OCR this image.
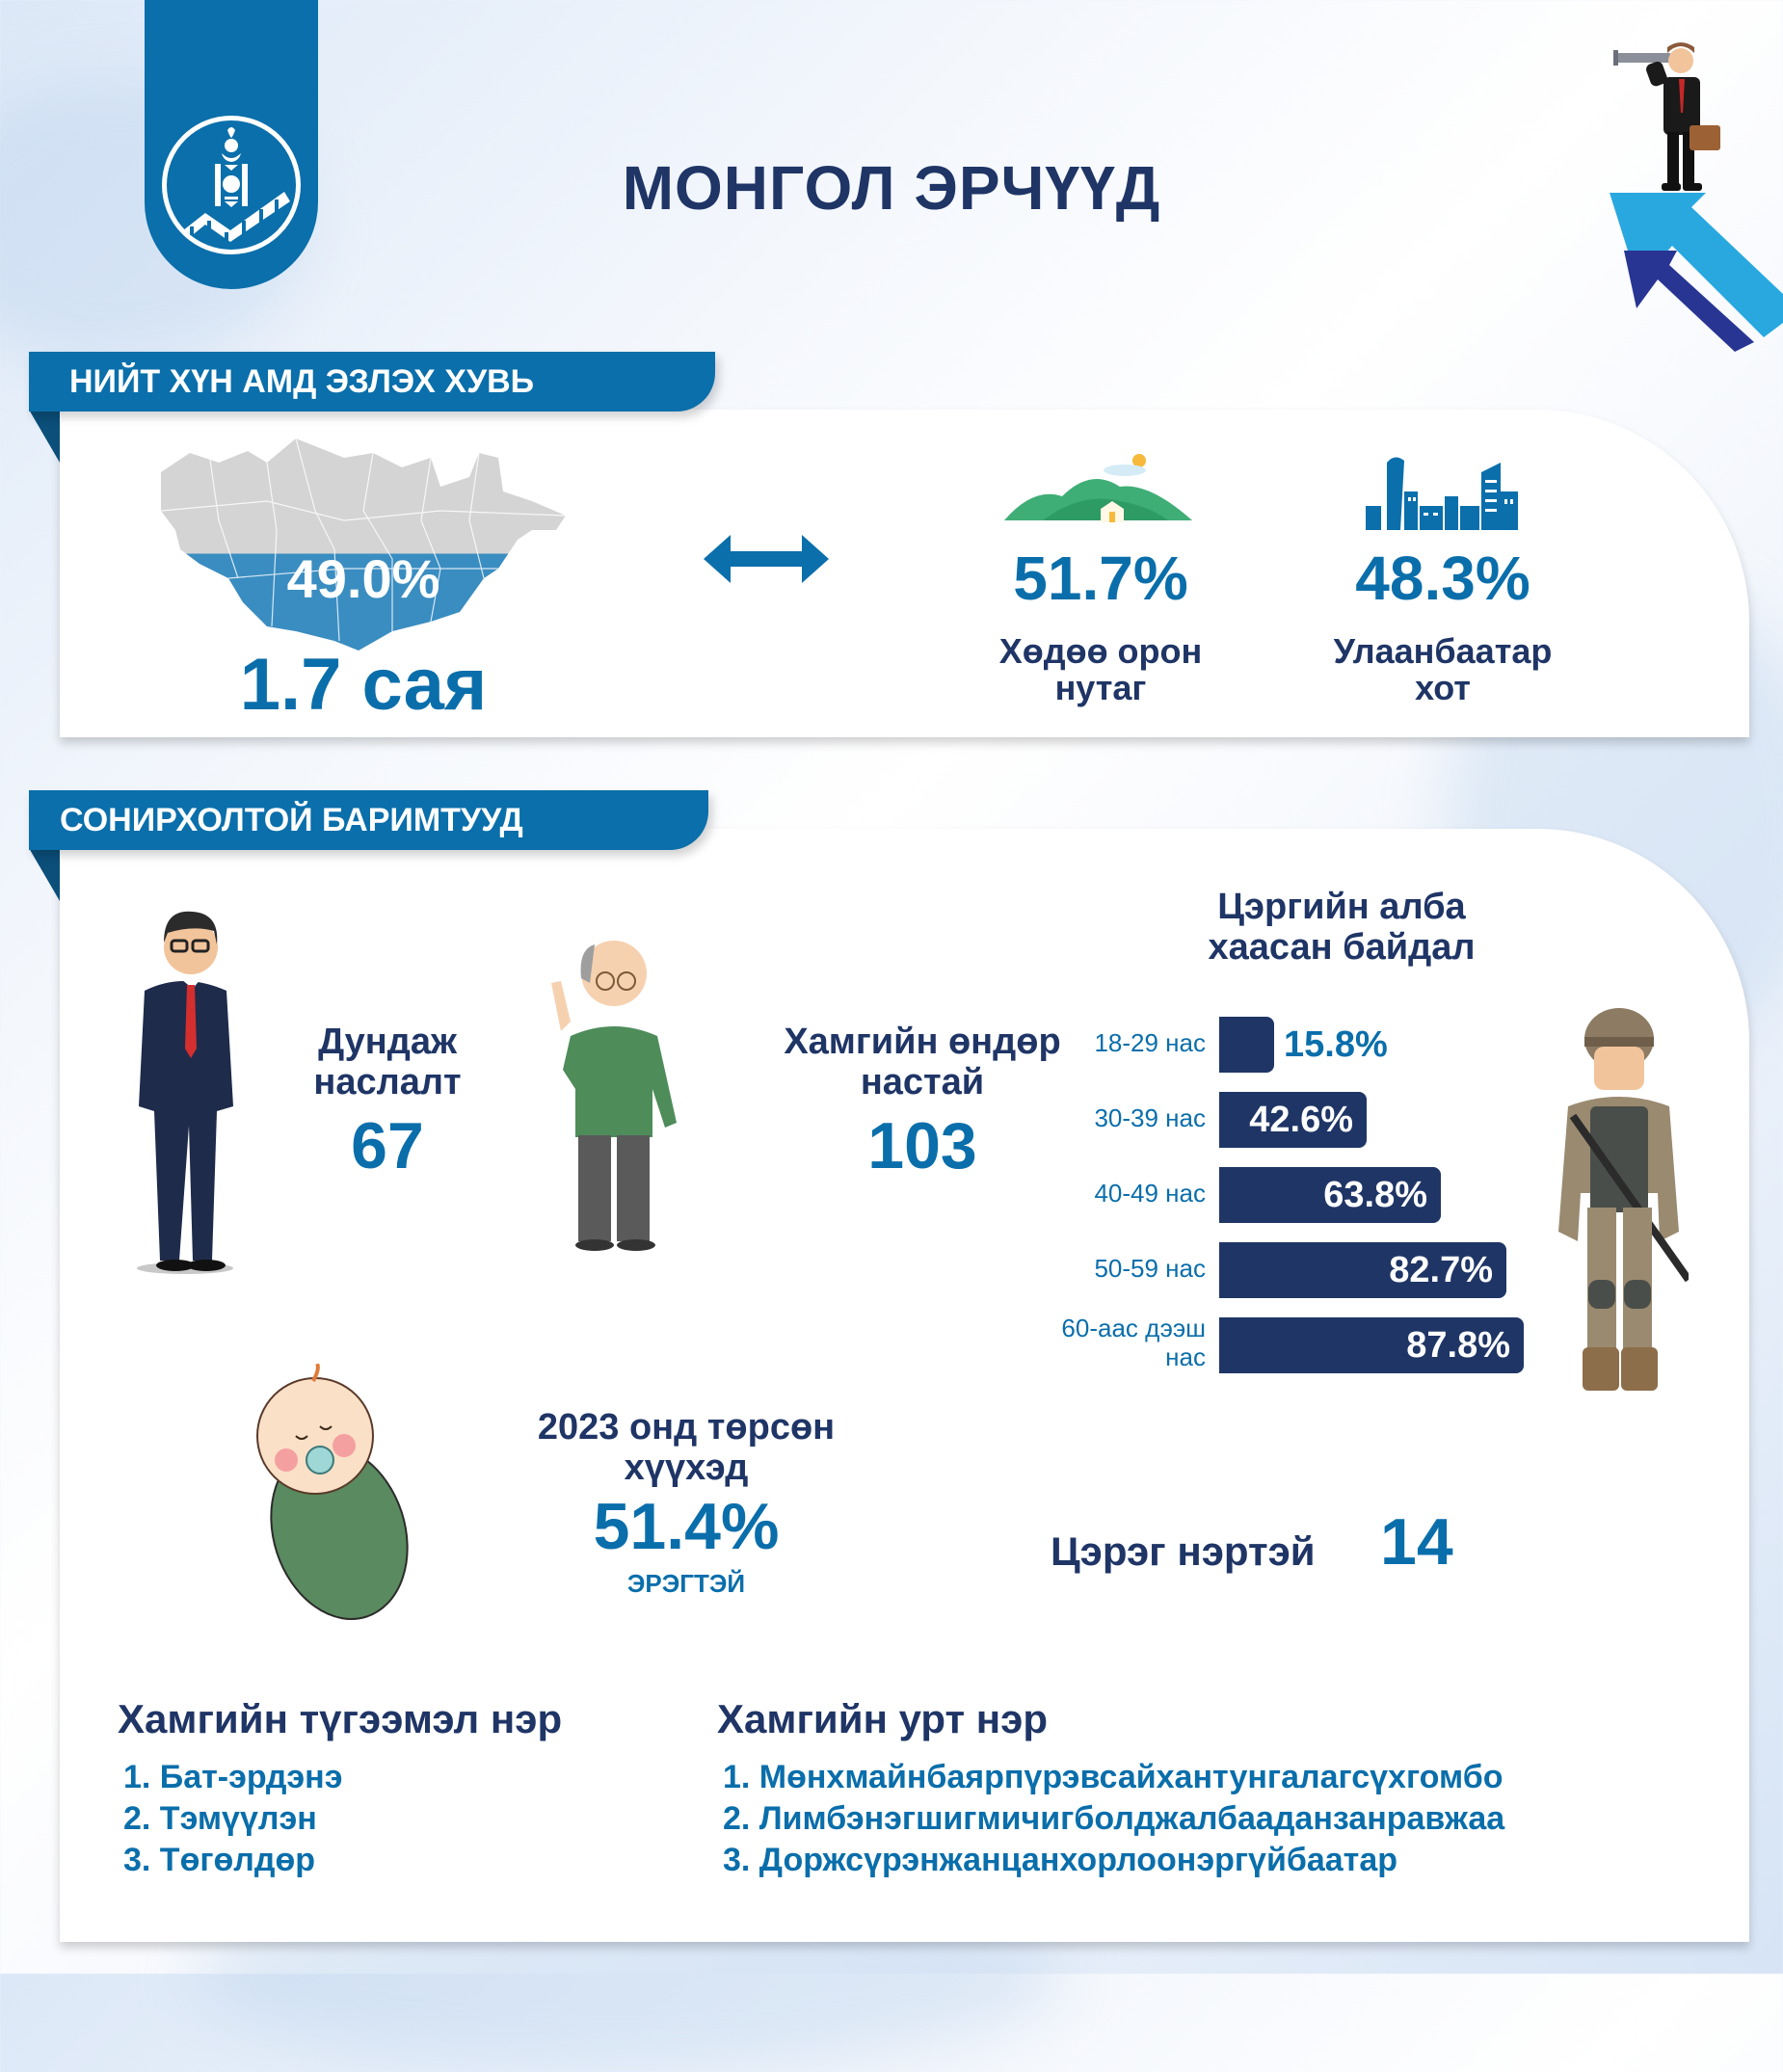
МОНГОЛ ЭРЧҮҮД
НИЙТ ХҮН АМД ЭЗЛЭХ ХУВЬ
49.0%
1.7 сая
51.7%
Хөдөө орон
нутаг
48.3%
Улаанбаатар
хот
СОНИРХОЛТОЙ БАРИМТУУД
Дундаж
наслалт
67
Хамгийн өндөр
настай
103
Цэргийн алба
хаасан байдал
18-29 нас 15.8%
30-39 нас	42.6%
40-49 нас	63.8%
50-59 нас	82.7%
60-аас дээш
нас	87.8%
2023 онд төрсөн
хүүхэд
51.4%
ЭРЭГТЭЙ
Цэрэг нэртэй 14
Хамгийн түгээмэл нэр
1. Бат-эрдэнэ
2. Тэмүүлэн
3. Төгөлдөр
Хамгийн урт нэр
1. Мөнхмайнбаярпүрэвсайхантунгалагсүхгомбо
2. Лимбэнэгшигмичигболджалбааданзанравжаа
3. Доржсүрэнжанцанхорлоонэргүйбаатар
